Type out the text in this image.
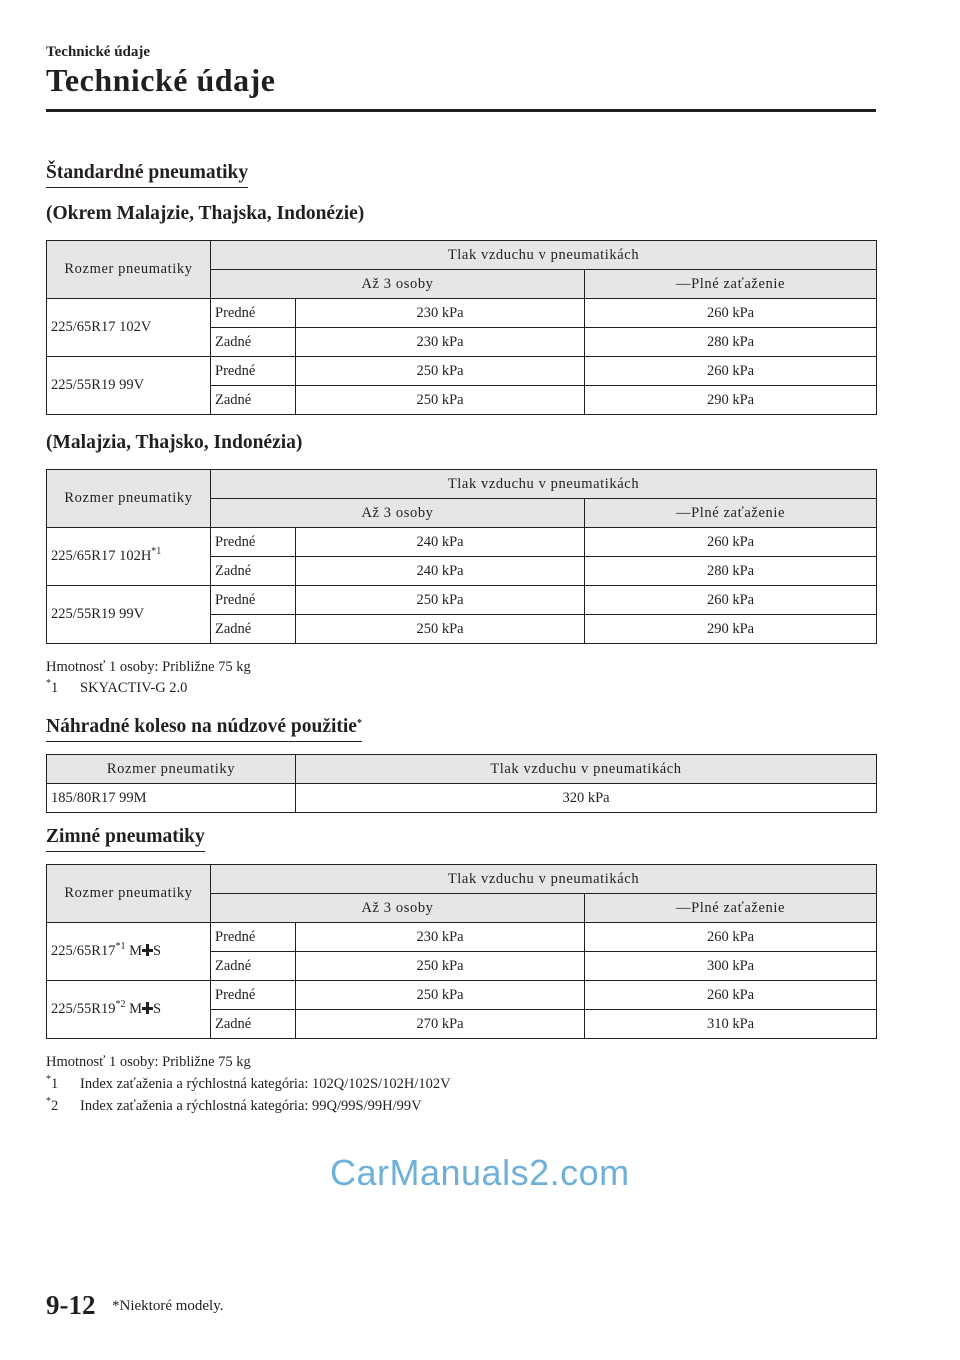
Technické údaje
Technické údaje
Štandardné pneumatiky
(Okrem Malajzie, Thajska, Indonézie)
Rozmer pneumatiky	Tlak vzduchu v pneumatikách		
	Až 3 osoby		―Plné zaťaženie
225/65R17 102V	Predné	230 kPa	260 kPa
	Zadné	230 kPa	280 kPa
225/55R19 99V	Predné	250 kPa	260 kPa
	Zadné	250 kPa	290 kPa
(Malajzia, Thajsko, Indonézia)
Rozmer pneumatiky	Tlak vzduchu v pneumatikách		
	Až 3 osoby		―Plné zaťaženie
225/65R17 $102H^{*1}$	Predné	240 kPa	260 kPa
	Zadné	240 kPa	280 kPa
225/55R19 99V	Predné	250 kPa	260 kPa
	Zadné	250 kPa	290 kPa
Hmotnosť 1 osoby: Približne 75 kg
*1 SKYACTIV-G 2.0
Náhradné koleso na núdzové použitie*
Rozmer pneumatiky	Tlak vzduchu v pneumatikách
185/80R17 99M	320 kPa
Zimné pneumatiky
Rozmer pneumatiky	Tlak vzduchu v pneumatikách		
	Až 3 osoby		―Plné zaťaženie
225/65R17$^{*1}$ M S	Predné	230 kPa	260 kPa
	Zadné	250 kPa	300 kPa
225/55R19$^{*2}$ M S	Predné	250 kPa	260 kPa
	Zadné	270 kPa	310 kPa
Hmotnosť 1 osoby: Približne 75 kg
*1 Index zaťaženia a rýchlostná kategória: 102Q/102S/102H/102V
*2 Index zaťaženia a rýchlostná kategória: 99Q/99S/99H/99V
CarManuals2.com
9-12 *Niektoré modely.
